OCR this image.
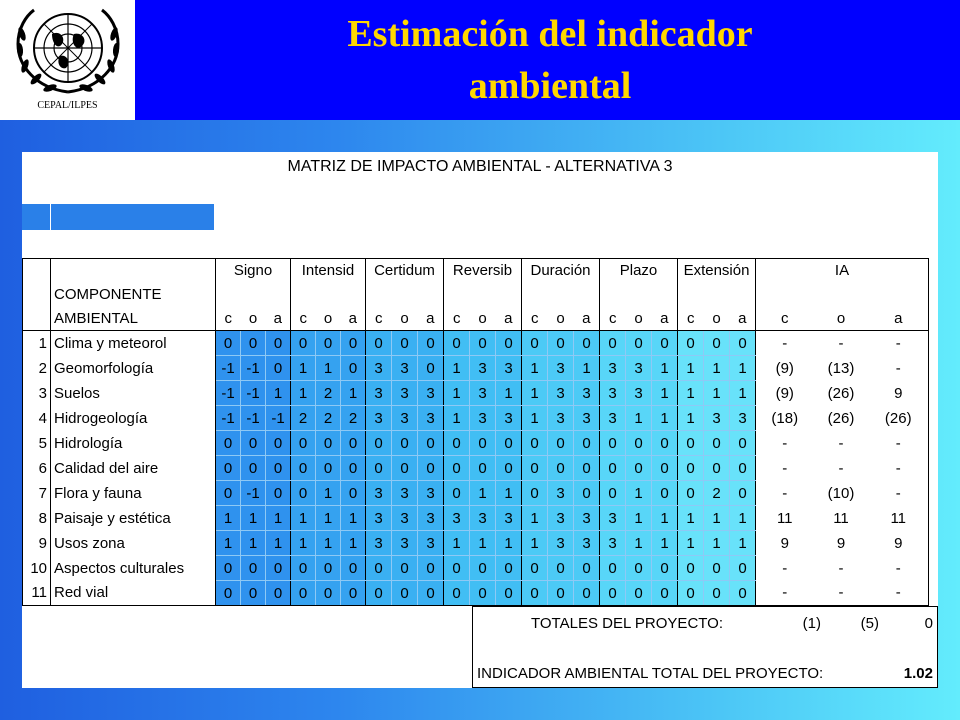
CEPAL/ILPES
Estimación del indicador
ambiental
MATRIZ DE IMPACTO AMBIENTAL - ALTERNATIVA 3
		Signo			Intensid			Certidum			Reversib			Duración			Plazo			Extensión			IA		
	COMPONENTE																								
	AMBIENTAL	c	o	a	c	o	a	c	o	a	c	o	a	c	o	a	c	o	a	c	o	a	c	o	a
1	Clima y meteorol	0	0	0	0	0	0	0	0	0	0	0	0	0	0	0	0	0	0	0	0	0	-	-	-
2	Geomorfología	-1	-1	0	1	1	0	3	3	0	1	3	3	1	3	1	3	3	1	1	1	1	(9)	(13)	-
3	Suelos	-1	-1	1	1	2	1	3	3	3	1	3	1	1	3	3	3	3	1	1	1	1	(9)	(26)	9
4	Hidrogeología	-1	-1	-1	2	2	2	3	3	3	1	3	3	1	3	3	3	1	1	1	3	3	(18)	(26)	(26)
5	Hidrología	0	0	0	0	0	0	0	0	0	0	0	0	0	0	0	0	0	0	0	0	0	-	-	-
6	Calidad del aire	0	0	0	0	0	0	0	0	0	0	0	0	0	0	0	0	0	0	0	0	0	-	-	-
7	Flora y fauna	0	-1	0	0	1	0	3	3	3	0	1	1	0	3	0	0	1	0	0	2	0	-	(10)	-
8	Paisaje y estética	1	1	1	1	1	1	3	3	3	3	3	3	1	3	3	3	1	1	1	1	1	11	11	11
9	Usos zona	1	1	1	1	1	1	3	3	3	1	1	1	1	3	3	3	1	1	1	1	1	9	9	9
10	Aspectos culturales	0	0	0	0	0	0	0	0	0	0	0	0	0	0	0	0	0	0	0	0	0	-	-	-
11	Red vial	0	0	0	0	0	0	0	0	0	0	0	0	0	0	0	0	0	0	0	0	0	-	-	-
TOTALES DEL PROYECTO:	(1)	(5)	0
INDICADOR AMBIENTAL TOTAL DEL PROYECTO:	1.02
